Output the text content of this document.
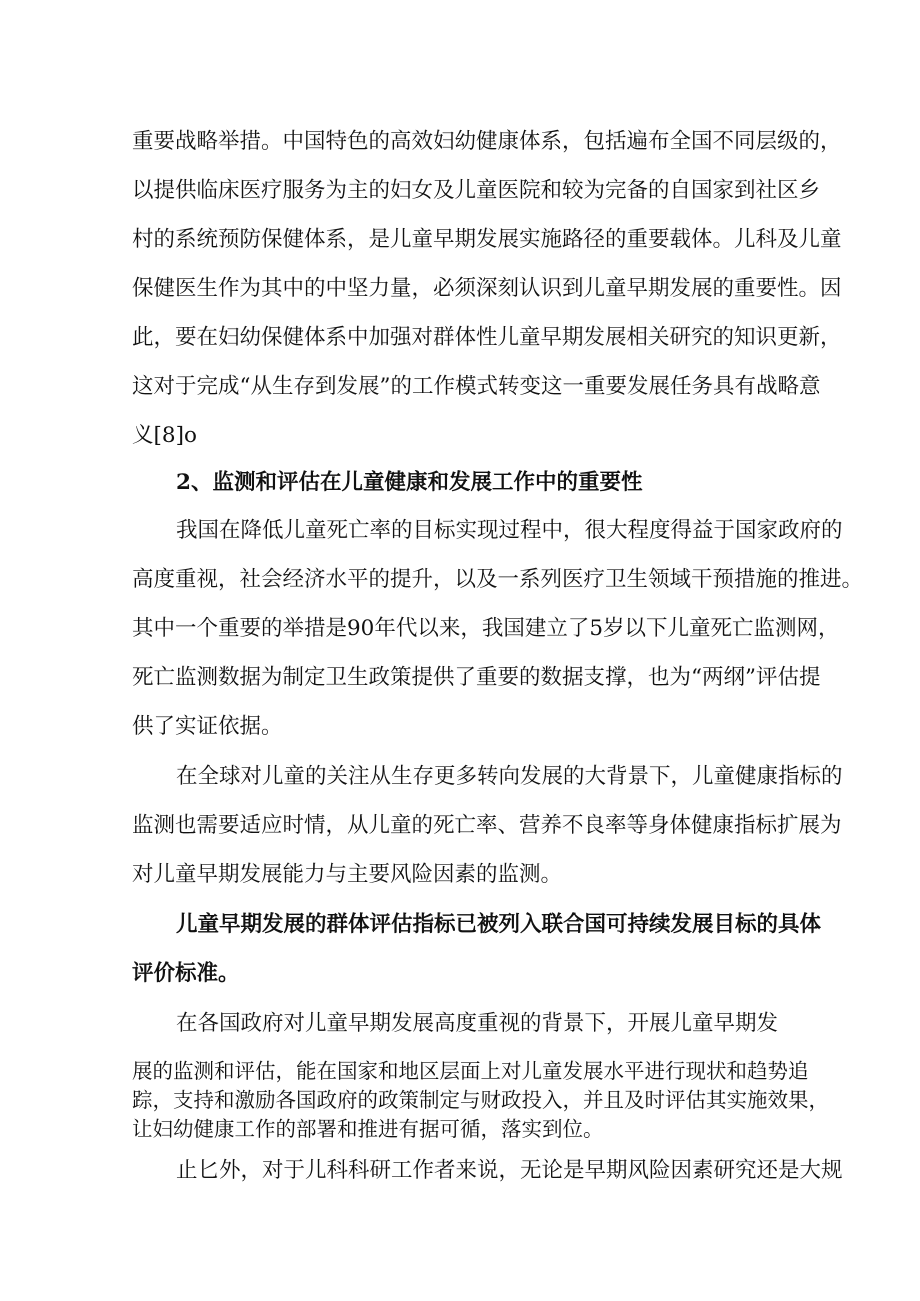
重要战略举措。中国特色的高效妇幼健康体系，包括遍布全国不同层级的，
以提供临床医疗服务为主的妇女及儿童医院和较为完备的自国家到社区乡
村的系统预防保健体系，是儿童早期发展实施路径的重要载体。儿科及儿童
保健医生作为其中的中坚力量，必须深刻认识到儿童早期发展的重要性。因
此，要在妇幼保健体系中加强对群体性儿童早期发展相关研究的知识更新，
这对于完成“从生存到发展”的工作模式转变这一重要发展任务具有战略意
义[8]o
2、监测和评估在儿童健康和发展工作中的重要性
我国在降低儿童死亡率的目标实现过程中，很大程度得益于国家政府的
高度重视，社会经济水平的提升，以及一系列医疗卫生领域干预措施的推进。
其中一个重要的举措是90年代以来，我国建立了5岁以下儿童死亡监测网，
死亡监测数据为制定卫生政策提供了重要的数据支撑，也为“两纲”评估提
供了实证依据。
在全球对儿童的关注从生存更多转向发展的大背景下，儿童健康指标的
监测也需要适应时情，从儿童的死亡率、营养不良率等身体健康指标扩展为
对儿童早期发展能力与主要风险因素的监测。
儿童早期发展的群体评估指标已被列入联合国可持续发展目标的具体
评价标准。
在各国政府对儿童早期发展高度重视的背景下，开展儿童早期发
展的监测和评估，能在国家和地区层面上对儿童发展水平进行现状和趋势追
踪，支持和激励各国政府的政策制定与财政投入，并且及时评估其实施效果，
让妇幼健康工作的部署和推进有据可循，落实到位。
止匕外，对于儿科科研工作者来说，无论是早期风险因素研究还是大规
